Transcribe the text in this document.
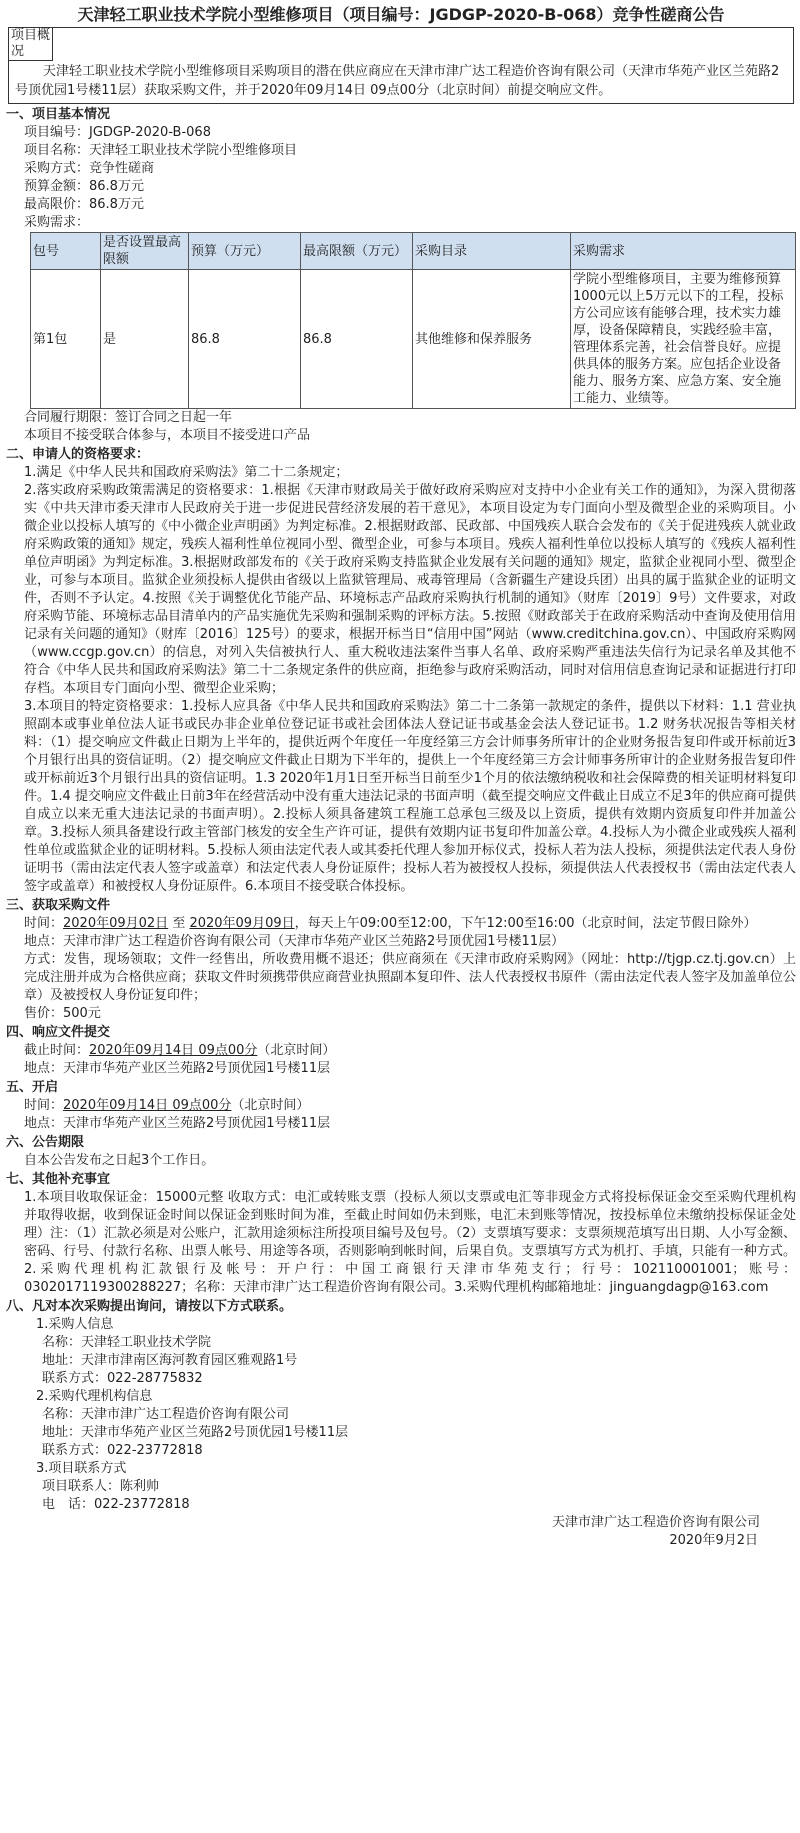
天津轻工职业技术学院小型维修项目（项目编号：JGDGP-2020-B-068）竞争性磋商公告
项目概况
天津轻工职业技术学院小型维修项目采购项目的潜在供应商应在天津市津广达工程造价咨询有限公司（天津市华苑产业区兰苑路2号顶优园1号楼11层）获取采购文件，并于2020年09月14日 09点00分（北京时间）前提交响应文件。
一、项目基本情况
项目编号：JGDGP-2020-B-068
项目名称：天津轻工职业技术学院小型维修项目
采购方式：竞争性磋商
预算金额：86.8万元
最高限价：86.8万元
采购需求：
包号	是否设置最高限额	预算（万元）	最高限额（万元）	采购目录	采购需求
第1包	是	86.8	86.8	其他维修和保养服务	学院小型维修项目，主要为维修预算1000元以上5万元以下的工程，投标方公司应该有能够合理，技术实力雄厚，设备保障精良，实践经验丰富，管理体系完善，社会信誉良好。应提供具体的服务方案。应包括企业设备能力、服务方案、应急方案、安全施工能力、业绩等。
合同履行期限：签订合同之日起一年
本项目不接受联合体参与，本项目不接受进口产品
二、申请人的资格要求：
1.满足《中华人民共和国政府采购法》第二十二条规定；
2.落实政府采购政策需满足的资格要求：1.根据《天津市财政局关于做好政府采购应对支持中小企业有关工作的通知》，为深入贯彻落实《中共天津市委天津市人民政府关于进一步促进民营经济发展的若干意见》，本项目设定为专门面向小型及微型企业的采购项目。小微企业以投标人填写的《中小微企业声明函》为判定标准。2.根据财政部、民政部、中国残疾人联合会发布的《关于促进残疾人就业政府采购政策的通知》规定，残疾人福利性单位视同小型、微型企业，可参与本项目。残疾人福利性单位以投标人填写的《残疾人福利性单位声明函》为判定标准。3.根据财政部发布的《关于政府采购支持监狱企业发展有关问题的通知》规定，监狱企业视同小型、微型企业，可参与本项目。监狱企业须投标人提供由省级以上监狱管理局、戒毒管理局（含新疆生产建设兵团）出具的属于监狱企业的证明文件，否则不予认定。4.按照《关于调整优化节能产品、环境标志产品政府采购执行机制的通知》（财库〔2019〕9号）文件要求，对政府采购节能、环境标志品目清单内的产品实施优先采购和强制采购的评标方法。5.按照《财政部关于在政府采购活动中查询及使用信用记录有关问题的通知》（财库〔2016〕125号）的要求，根据开标当日“信用中国”网站（www.creditchina.gov.cn）、中国政府采购网（www.ccgp.gov.cn）的信息，对列入失信被执行人、重大税收违法案件当事人名单、政府采购严重违法失信行为记录名单及其他不符合《中华人民共和国政府采购法》第二十二条规定条件的供应商，拒绝参与政府采购活动，同时对信用信息查询记录和证据进行打印存档。本项目专门面向小型、微型企业采购；
3.本项目的特定资格要求：1.投标人应具备《中华人民共和国政府采购法》第二十二条第一款规定的条件，提供以下材料：1.1 营业执照副本或事业单位法人证书或民办非企业单位登记证书或社会团体法人登记证书或基金会法人登记证书。1.2 财务状况报告等相关材料：（1）提交响应文件截止日期为上半年的，提供近两个年度任一年度经第三方会计师事务所审计的企业财务报告复印件或开标前近3个月银行出具的资信证明。（2）提交响应文件截止日期为下半年的，提供上一个年度经第三方会计师事务所审计的企业财务报告复印件或开标前近3个月银行出具的资信证明。1.3 2020年1月1日至开标当日前至少1个月的依法缴纳税收和社会保障费的相关证明材料复印件。1.4 提交响应文件截止日前3年在经营活动中没有重大违法记录的书面声明（截至提交响应文件截止日成立不足3年的供应商可提供自成立以来无重大违法记录的书面声明）。2.投标人须具备建筑工程施工总承包三级及以上资质，提供有效期内资质复印件并加盖公章。3.投标人须具备建设行政主管部门核发的安全生产许可证，提供有效期内证书复印件加盖公章。4.投标人为小微企业或残疾人福利性单位或监狱企业的证明材料。5.投标人须由法定代表人或其委托代理人参加开标仪式，投标人若为法人投标，须提供法定代表人身份证明书（需由法定代表人签字或盖章）和法定代表人身份证原件；投标人若为被授权人投标，须提供法人代表授权书（需由法定代表人签字或盖章）和被授权人身份证原件。6.本项目不接受联合体投标。
三、获取采购文件
时间：2020年09月02日 至 2020年09月09日，每天上午09:00至12:00，下午12:00至16:00（北京时间，法定节假日除外）
地点：天津市津广达工程造价咨询有限公司（天津市华苑产业区兰苑路2号顶优园1号楼11层）
方式：发售，现场领取；文件一经售出，所收费用概不退还；供应商须在《天津市政府采购网》（网址：http://tjgp.cz.tj.gov.cn）上完成注册并成为合格供应商；获取文件时须携带供应商营业执照副本复印件、法人代表授权书原件（需由法定代表人签字及加盖单位公章）及被授权人身份证复印件；
售价：500元
四、响应文件提交
截止时间：2020年09月14日 09点00分（北京时间）
地点：天津市华苑产业区兰苑路2号顶优园1号楼11层
五、开启
时间：2020年09月14日 09点00分（北京时间）
地点：天津市华苑产业区兰苑路2号顶优园1号楼11层
六、公告期限
自本公告发布之日起3个工作日。
七、其他补充事宜
1.本项目收取保证金：15000元整 收取方式：电汇或转账支票（投标人须以支票或电汇等非现金方式将投标保证金交至采购代理机构并取得收据，收到保证金时间以保证金到账时间为准，至截止时间如仍未到账，电汇未到账等情况，按投标单位未缴纳投标保证金处理）注：（1）汇款必须是对公账户，汇款用途须标注所投项目编号及包号。（2）支票填写要求：支票须规范填写出日期、人小写金额、密码、行号、付款行名称、出票人帐号、用途等各项，否则影响到帐时间，后果自负。支票填写方式为机打、手填，只能有一种方式。2.采购代理机构汇款银行及帐号：开户行：中国工商银行天津市华苑支行；行号：102110001001；账号：0302017119300288227；名称：天津市津广达工程造价咨询有限公司。3.采购代理机构邮箱地址：jinguangdagp@163.com
八、凡对本次采购提出询问，请按以下方式联系。
1.采购人信息
名称：天津轻工职业技术学院
地址：天津市津南区海河教育园区雅观路1号
联系方式：022-28775832
2.采购代理机构信息
名称：天津市津广达工程造价咨询有限公司
地址：天津市华苑产业区兰苑路2号顶优园1号楼11层
联系方式：022-23772818
3.项目联系方式
项目联系人：陈利帅
电　话：022-23772818
天津市津广达工程造价咨询有限公司
2020年9月2日
